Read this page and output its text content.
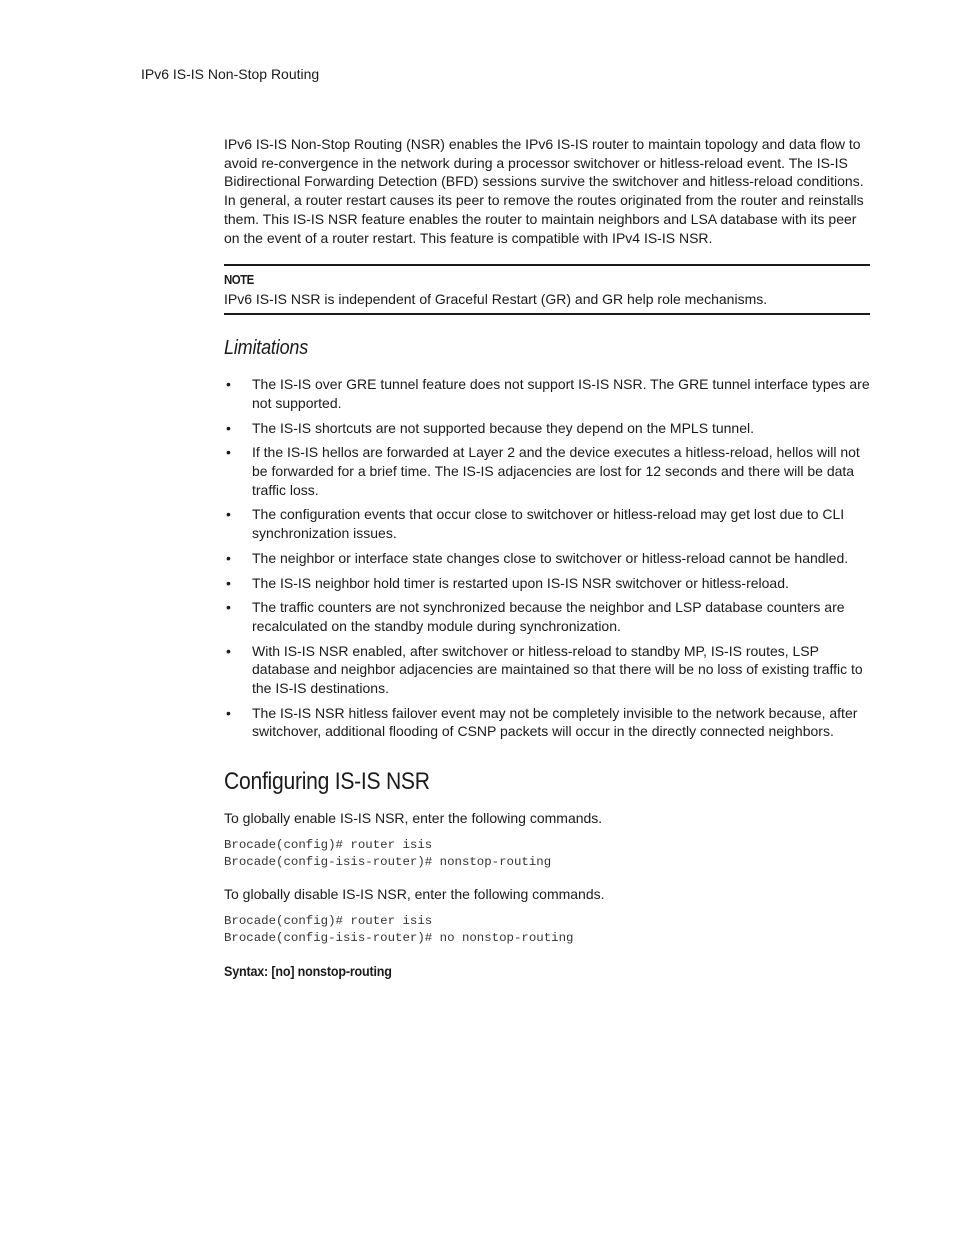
IPv6 IS-IS Non-Stop Routing

IPv6 IS-IS Non-Stop Routing (NSR) enables the IPv6 IS-IS router to maintain topology and data flow to avoid re-convergence in the network during a processor switchover or hitless-reload event. The IS-IS Bidirectional Forwarding Detection (BFD) sessions survive the switchover and hitless-reload conditions. In general, a router restart causes its peer to remove the routes originated from the router and reinstalls them. This IS-IS NSR feature enables the router to maintain neighbors and LSA database with its peer on the event of a router restart. This feature is compatible with IPv4 IS-IS NSR.

NOTE
IPv6 IS-IS NSR is independent of Graceful Restart (GR) and GR help role mechanisms.
Limitations
• The IS-IS over GRE tunnel feature does not support IS-IS NSR. The GRE tunnel interface types are not supported.
• The IS-IS shortcuts are not supported because they depend on the MPLS tunnel.
• If the IS-IS hellos are forwarded at Layer 2 and the device executes a hitless-reload, hellos will not be forwarded for a brief time. The IS-IS adjacencies are lost for 12 seconds and there will be data traffic loss.
• The configuration events that occur close to switchover or hitless-reload may get lost due to CLI synchronization issues.
• The neighbor or interface state changes close to switchover or hitless-reload cannot be handled.
• The IS-IS neighbor hold timer is restarted upon IS-IS NSR switchover or hitless-reload.
• The traffic counters are not synchronized because the neighbor and LSP database counters are recalculated on the standby module during synchronization.
• With IS-IS NSR enabled, after switchover or hitless-reload to standby MP, IS-IS routes, LSP database and neighbor adjacencies are maintained so that there will be no loss of existing traffic to the IS-IS destinations.
• The IS-IS NSR hitless failover event may not be completely invisible to the network because, after switchover, additional flooding of CSNP packets will occur in the directly connected neighbors.
Configuring IS-IS NSR

To globally enable IS-IS NSR, enter the following commands.

Brocade(config)# router isis
Brocade(config-isis-router)# nonstop-routing

To globally disable IS-IS NSR, enter the following commands.

Brocade(config)# router isis
Brocade(config-isis-router)# no nonstop-routing
Syntax: [no] nonstop-routing
